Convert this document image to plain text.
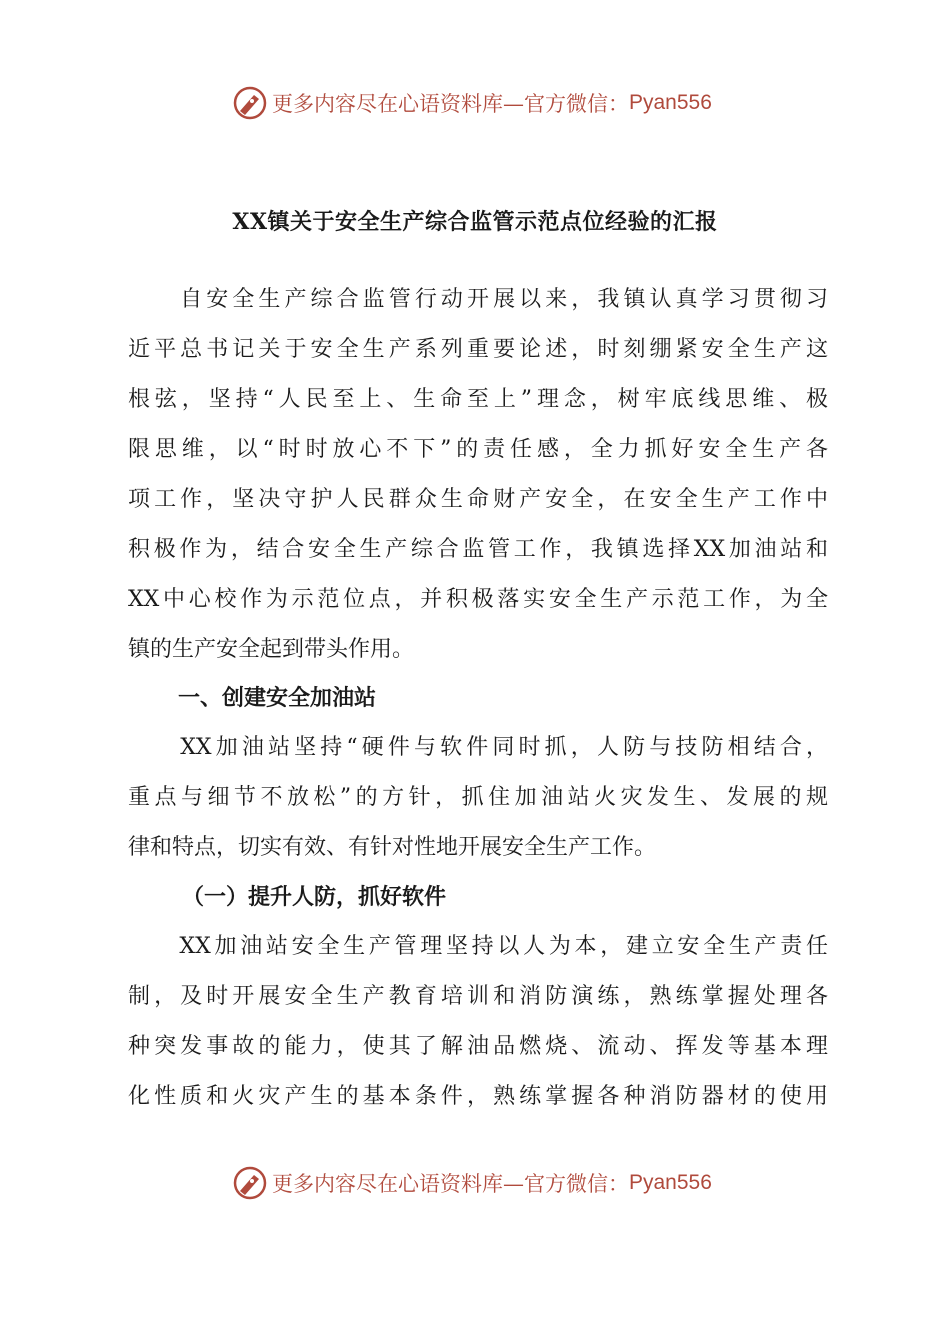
更多内容尽在心语资料库—官方微信： Pyan556
XX镇关于安全生产综合监管示范点位经验的汇报

　　自安全生产综合监管行动开展以来，我镇认真学习贯彻习
近平总书记关于安全生产系列重要论述，时刻绷紧安全生产这
根弦，坚持“人民至上、生命至上”理念，树牢底线思维、极
限思维，以“时时放心不下”的责任感，全力抓好安全生产各
项工作，坚决守护人民群众生命财产安全，在安全生产工作中
积极作为，结合安全生产综合监管工作，我镇选择XX加油站和
XX中心校作为示范位点，并积极落实安全生产示范工作，为全
镇的生产安全起到带头作用。

一、创建安全加油站

　　XX加油站坚持“硬件与软件同时抓，人防与技防相结合，
重点与细节不放松”的方针，抓住加油站火灾发生、发展的规
律和特点，切实有效、有针对性地开展安全生产工作。

（一）提升人防，抓好软件

　　XX加油站安全生产管理坚持以人为本，建立安全生产责任
制，及时开展安全生产教育培训和消防演练，熟练掌握处理各
种突发事故的能力，使其了解油品燃烧、流动、挥发等基本理
化性质和火灾产生的基本条件，熟练掌握各种消防器材的使用

更多内容尽在心语资料库—官方微信： Pyan556
